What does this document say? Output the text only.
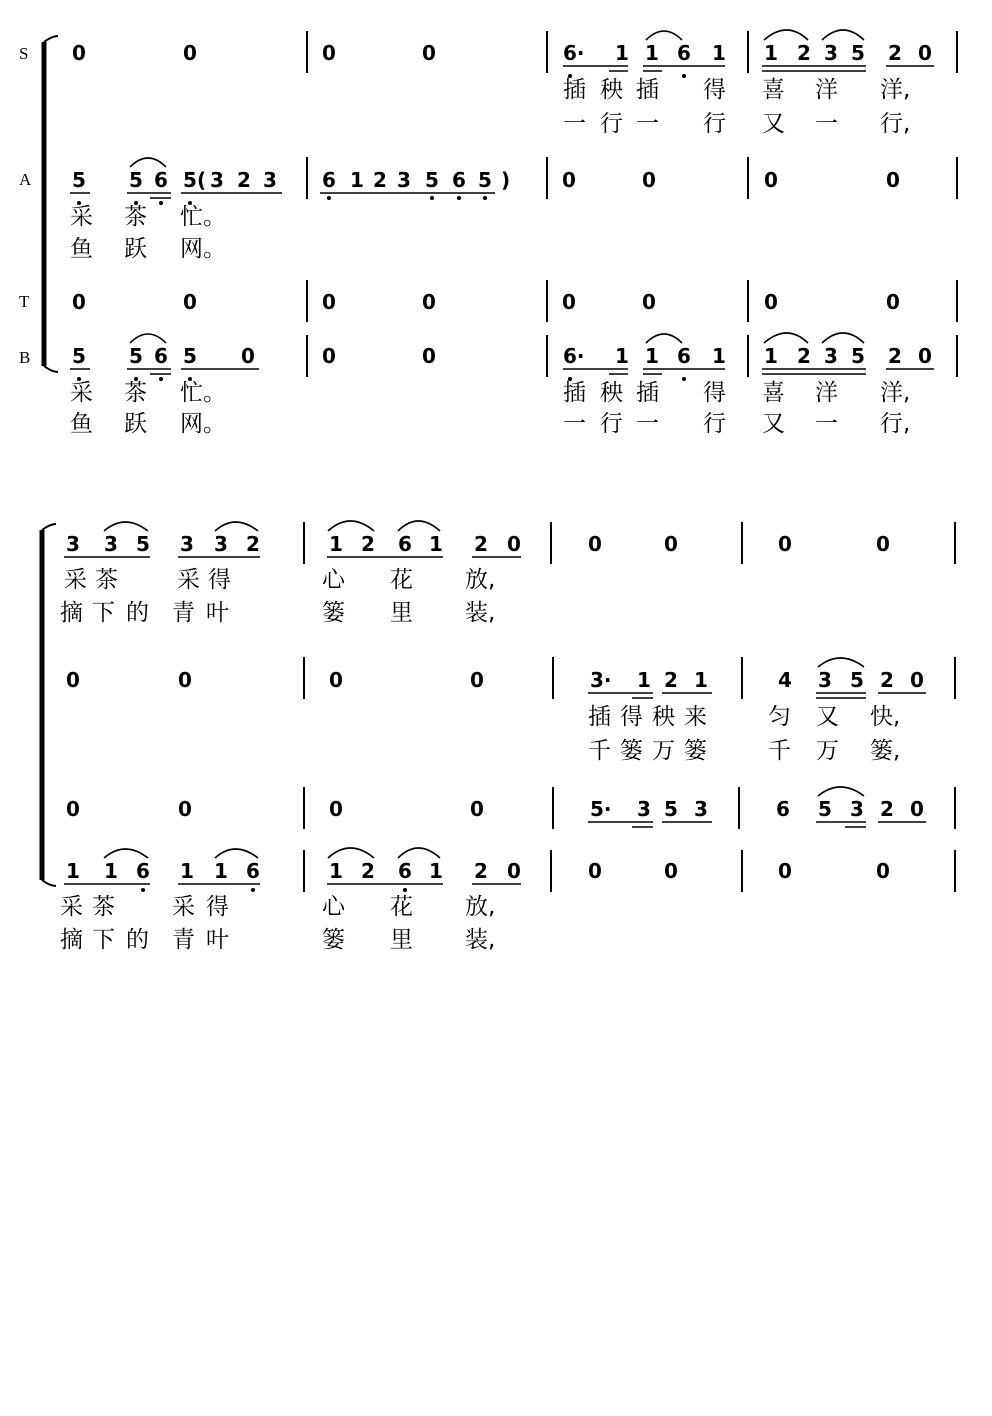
S
A
T
B
0	0	0	0	6· 1 1 6 1 1 2 3 5 2 0
插 秧 插 得 喜 洋 洋,
一 行 一 行 又 一 行,
5 5 6 5 ( 3 2 3 6 1 2 3 5 6 5 )	0	0	0	0
采 茶 忙。
鱼 跃 网。
0	0	0	0	0	0	0	0
5 5 6 5 0	0	0	6· 1 1 6 1 1 2 3 5 2 0
采 茶 忙。	插 秧 插 得 喜 洋 洋,
鱼 跃 网。	一 行 一 行 又 一 行,
3 3 5 3 3 2	1 2 6 1 2 0	0	0	0	0
采 茶	采 得	心 花 放,
摘 下 的 青 叶	篓 里 装,
0	0	0	0	3· 1 2 1	4 3 5 2 0
插 得 秧 来	匀 又 快,
千 篓 万 篓	千 万 篓,
0	0	0	0	5· 3 5 3	6 5 3 2 0
1 1 6 1 1 6	1 2 6 1 2 0	0	0	0	0
采 茶 采 得	心 花 放,
摘 下 的 青 叶	篓 里 装,
